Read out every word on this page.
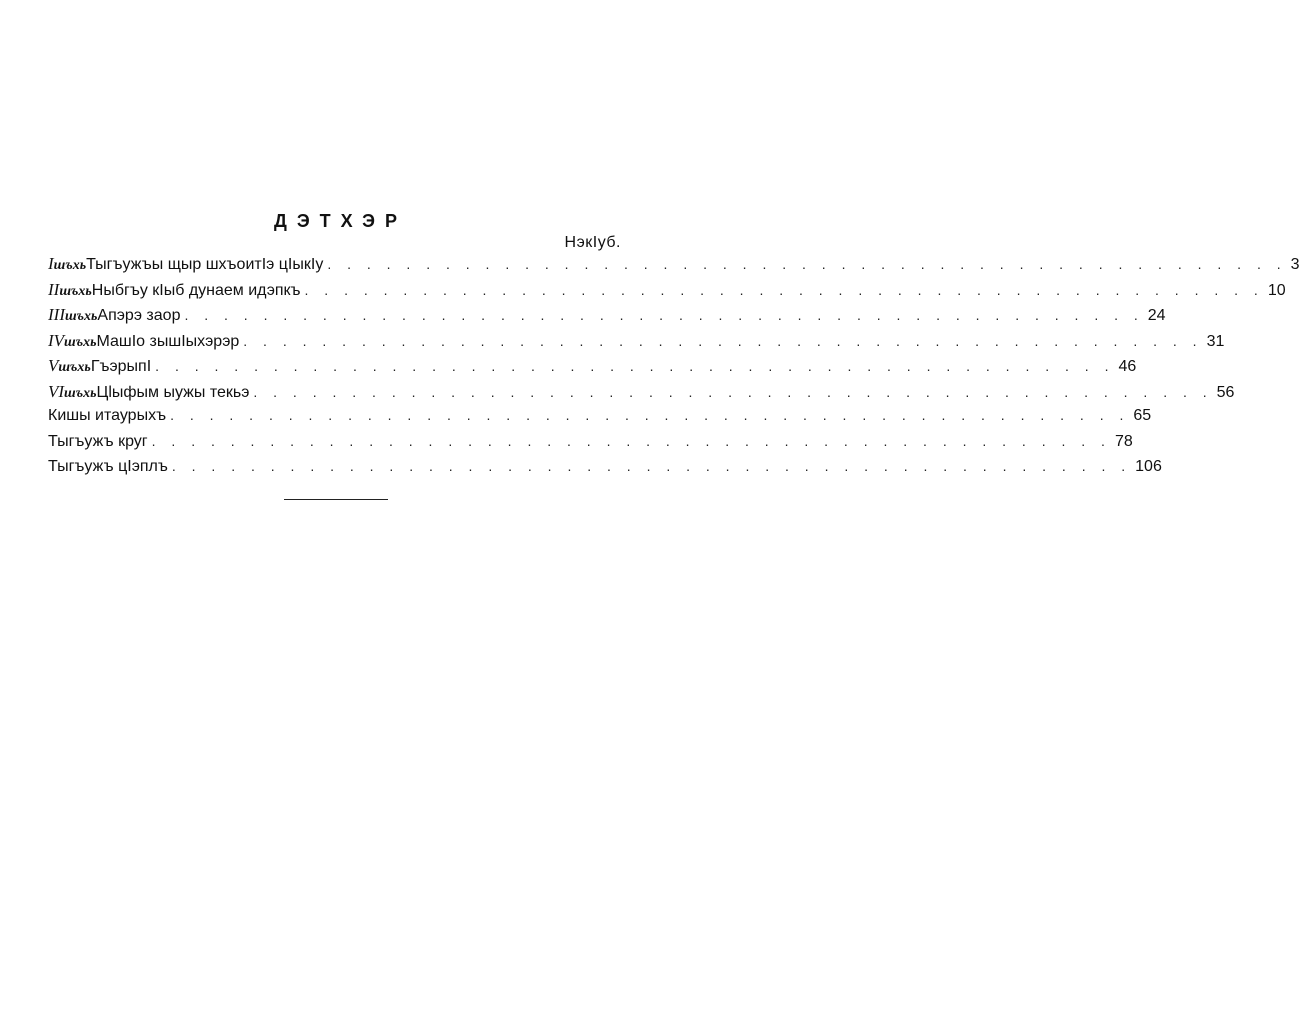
ДЭТХЭР
НэкIуб.
I шъхь Тыгъужъы щыр шхъоитIэ цIыкIу . . . . . . . . . . . . . . . . . . . . . . . . . . . . . . . . . . . . . . . . . . . . . . . . . 3
II шъхь Ныбгъу кIыб дунаем идэпкъ . . . . . . . . . . . . . . . . . . . . . . . . . . . . . . . . . . . . . . . . . . . . . . . . . 10
III шъхь Апэрэ заор . . . . . . . . . . . . . . . . . . . . . . . . . . . . . . . . . . . . . . . . . . . . . . . . . 24
IV шъхь МашIо зышIыхэрэр . . . . . . . . . . . . . . . . . . . . . . . . . . . . . . . . . . . . . . . . . . . . . . . . . 31
V шъхь ГъэрыпI . . . . . . . . . . . . . . . . . . . . . . . . . . . . . . . . . . . . . . . . . . . . . . . . . 46
VI шъхь Цlыфым ыужы текьэ . . . . . . . . . . . . . . . . . . . . . . . . . . . . . . . . . . . . . . . . . . . . . . . . . 56
Кишы итаурыхъ . . . . . . . . . . . . . . . . . . . . . . . . . . . . . . . . . . . . . . . . . . . . . . . . . 65
Тыгъужъ круг . . . . . . . . . . . . . . . . . . . . . . . . . . . . . . . . . . . . . . . . . . . . . . . . . 78
Тыгъужъ цIэплъ . . . . . . . . . . . . . . . . . . . . . . . . . . . . . . . . . . . . . . . . . . . . . . . . . 106
